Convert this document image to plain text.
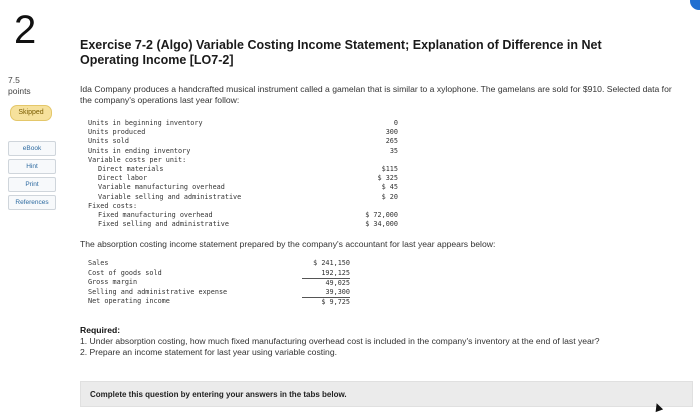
2
7.5
points
Skipped
eBook
Hint
Print
References
Exercise 7-2 (Algo) Variable Costing Income Statement; Explanation of Difference in Net Operating Income [LO7-2]
Ida Company produces a handcrafted musical instrument called a gamelan that is similar to a xylophone. The gamelans are sold for $910. Selected data for the company's operations last year follow:
Units in beginning inventory	0
Units produced	300
Units sold	265
Units in ending inventory	35
Variable costs per unit:
Direct materials	$115
Direct labor	$ 325
Variable manufacturing overhead	$ 45
Variable selling and administrative	$ 20
Fixed costs:
Fixed manufacturing overhead	$ 72,000
Fixed selling and administrative	$ 34,000
The absorption costing income statement prepared by the company's accountant for last year appears below:
Sales	$ 241,150
Cost of goods sold	192,125
Gross margin	49,025
Selling and administrative expense	39,300
Net operating income	$ 9,725
Required:
1. Under absorption costing, how much fixed manufacturing overhead cost is included in the company's inventory at the end of last year?
2. Prepare an income statement for last year using variable costing.
Complete this question by entering your answers in the tabs below.
